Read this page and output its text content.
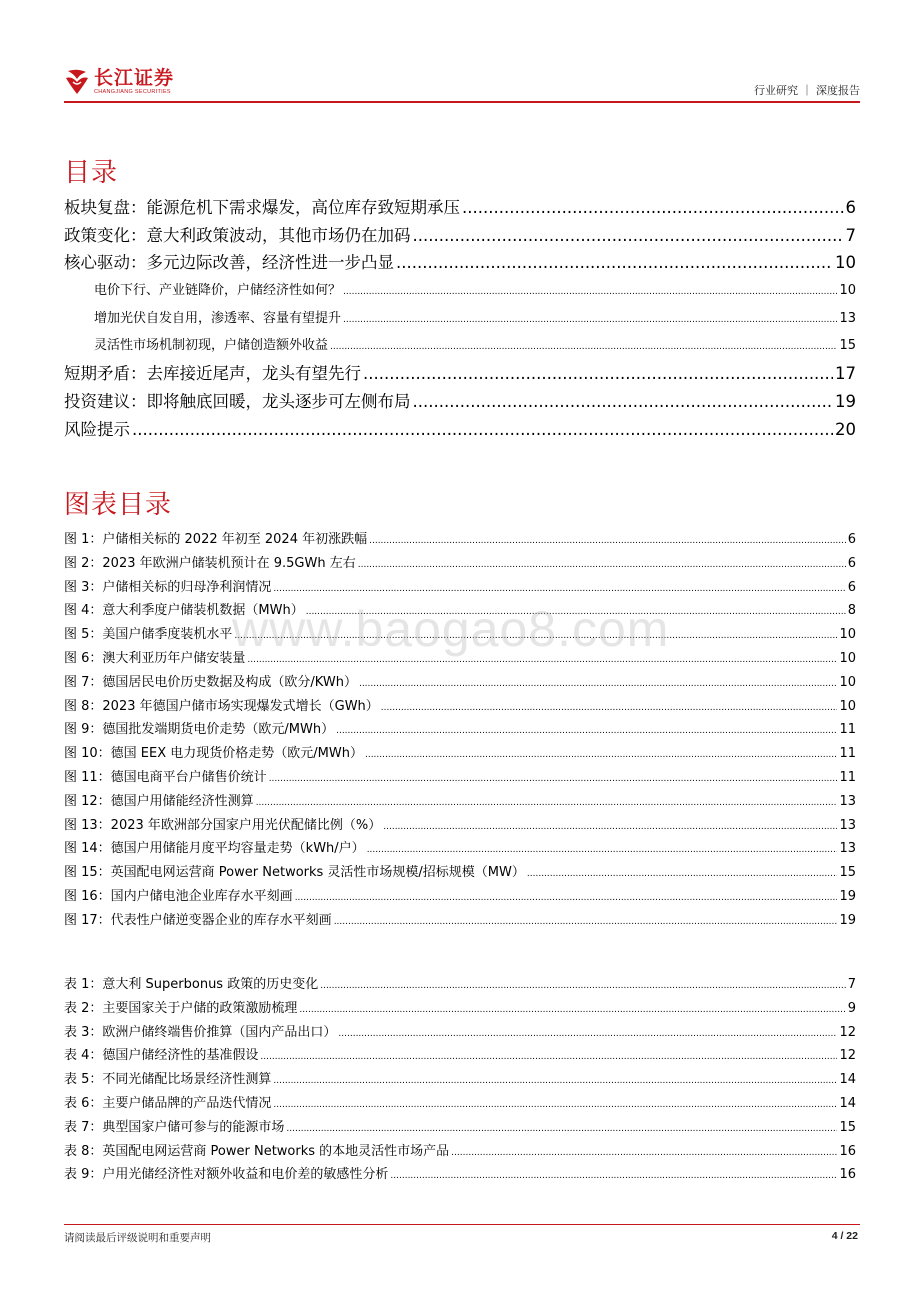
长江证券
CHANGJIANG SECURITIES	行业研究 ｜ 深度报告
目录
板块复盘：能源危机下需求爆发，高位库存致短期承压 .....	6
政策变化：意大利政策波动，其他市场仍在加码 .....	7
核心驱动：多元边际改善，经济性进一步凸显 .....	10
电价下行、产业链降价，户储经济性如何？ .....	10
增加光伏自发自用，渗透率、容量有望提升 .....	13
灵活性市场机制初现，户储创造额外收益 .....	15
短期矛盾：去库接近尾声，龙头有望先行 .....	17
投资建议：即将触底回暖，龙头逐步可左侧布局 .....	19
风险提示 .....	20
图表目录
图 1：户储相关标的 2022 年初至 2024 年初涨跌幅 .....	6
图 2：2023 年欧洲户储装机预计在 9.5GWh 左右 .....	6
图 3：户储相关标的归母净利润情况 .....	6
图 4：意大利季度户储装机数据（MWh） .....	8
图 5：美国户储季度装机水平 .....	10
图 6：澳大利亚历年户储安装量 .....	10
图 7：德国居民电价历史数据及构成（欧分/KWh） .....	10
图 8：2023 年德国户储市场实现爆发式增长（GWh） .....	10
图 9：德国批发端期货电价走势（欧元/MWh） .....	11
图 10：德国 EEX 电力现货价格走势（欧元/MWh） .....	11
图 11：德国电商平台户储售价统计 .....	11
图 12：德国户用储能经济性测算 .....	13
图 13：2023 年欧洲部分国家户用光伏配储比例（%） .....	13
图 14：德国户用储能月度平均容量走势（kWh/户） .....	13
图 15：英国配电网运营商 Power Networks 灵活性市场规模/招标规模（MW） .....	15
图 16：国内户储电池企业库存水平刻画 .....	19
图 17：代表性户储逆变器企业的库存水平刻画 .....	19
表 1：意大利 Superbonus 政策的历史变化 .....	7
表 2：主要国家关于户储的政策激励梳理 .....	9
表 3：欧洲户储终端售价推算（国内产品出口） .....	12
表 4：德国户储经济性的基准假设 .....	12
表 5：不同光储配比场景经济性测算 .....	14
表 6：主要户储品牌的产品迭代情况 .....	14
表 7：典型国家户储可参与的能源市场 .....	15
表 8：英国配电网运营商 Power Networks 的本地灵活性市场产品 .....	16
表 9：户用光储经济性对额外收益和电价差的敏感性分析 .....	16
www.baogao8.com
请阅读最后评级说明和重要声明	4 / 22
